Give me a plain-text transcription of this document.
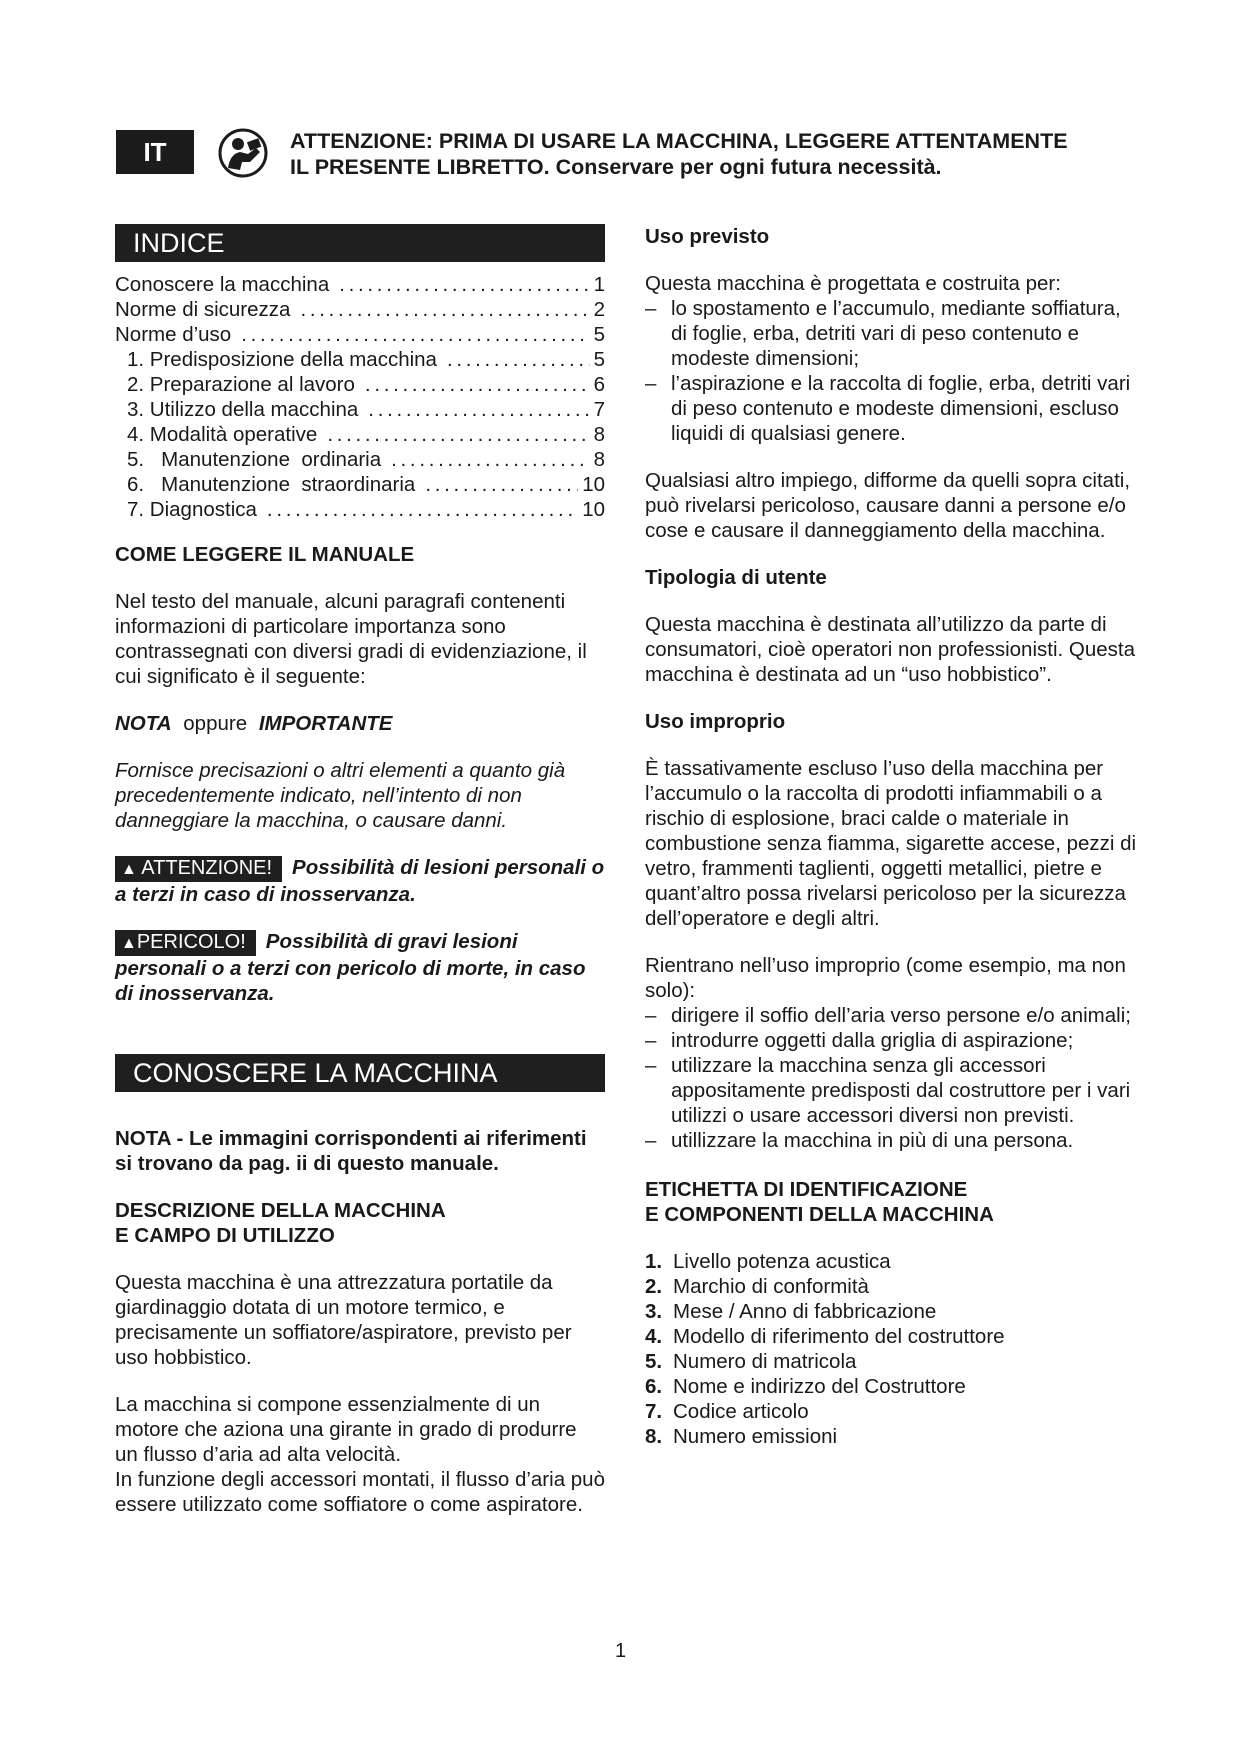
IT	ATTENZIONE: PRIMA DI USARE LA MACCHINA, LEGGERE ATTENTAMENTE
IL PRESENTE LIBRETTO. Conservare per ogni futura necessità.
INDICE
Conoscere la macchina . . .	1
Norme di sicurezza . . .	2
Norme d’uso . . .	5
1. Predisposizione della macchina . . .	5
2. Preparazione al lavoro . . .	6
3. Utilizzo della macchina . . .	7
4. Modalità operative . . .	8
5.   Manutenzione  ordinaria . . .	8
6.   Manutenzione  straordinaria . . .	10
7. Diagnostica . . .	10
COME LEGGERE IL MANUALE

Nel testo del manuale, alcuni paragrafi contenenti informazioni di particolare importanza sono contrassegnati con diversi gradi di evidenziazione, il cui significato è il seguente:

NOTA oppure IMPORTANTE

Fornisce precisazioni o altri elementi a quanto già precedentemente indicato, nell’intento di non danneggiare la macchina, o causare danni.

▲ ATTENZIONE! Possibilità di lesioni personali o a terzi in caso di inosservanza.

▲PERICOLO! Possibilità di gravi lesioni personali o a terzi con pericolo di morte, in caso di inosservanza.

CONOSCERE LA MACCHINA

NOTA - Le immagini corrispondenti ai riferimenti si trovano da pag. ii di questo manuale.

DESCRIZIONE DELLA MACCHINA
E CAMPO DI UTILIZZO

Questa macchina è una attrezzatura portatile da giardinaggio dotata di un motore termico, e precisamente un soffiatore/aspiratore, previsto per uso hobbistico.

La macchina si compone essenzialmente di un motore che aziona una girante in grado di produrre un flusso d’aria ad alta velocità.

In funzione degli accessori montati, il flusso d’aria può essere utilizzato come soffiatore o come aspiratore.

Uso previsto

Questa macchina è progettata e costruita per:

– lo spostamento e l’accumulo, mediante soffiatura, di foglie, erba, detriti vari di peso contenuto e modeste dimensioni;
– l’aspirazione e la raccolta di foglie, erba, detriti vari di peso contenuto e modeste dimensioni, escluso liquidi di qualsiasi genere.

Qualsiasi altro impiego, difforme da quelli sopra citati, può rivelarsi pericoloso, causare danni a persone e/o cose e causare il danneggiamento della macchina.

Tipologia di utente

Questa macchina è destinata all’utilizzo da parte di consumatori, cioè operatori non professionisti. Questa macchina è destinata ad un “uso hobbistico”.

Uso improprio

È tassativamente escluso l’uso della macchina per l’accumulo o la raccolta di prodotti infiammabili o a rischio di esplosione, braci calde o materiale in combustione senza fiamma, sigarette accese, pezzi di vetro, frammenti taglienti, oggetti metallici, pietre e quant’altro possa rivelarsi pericoloso per la sicurezza dell’operatore e degli altri.

Rientrano nell’uso improprio (come esempio, ma non solo):

– dirigere il soffio dell’aria verso persone e/o animali;
– introdurre oggetti dalla griglia di aspirazione;
– utilizzare la macchina senza gli accessori appositamente predisposti dal costruttore per i vari utilizzi o usare accessori diversi non previsti.
– utillizzare la macchina in più di una persona.
ETICHETTA DI IDENTIFICAZIONE
E COMPONENTI DELLA MACCHINA
1. Livello potenza acustica
2. Marchio di conformità
3. Mese / Anno di fabbricazione
4. Modello di riferimento del costruttore
5. Numero di matricola
6. Nome e indirizzo del Costruttore
7. Codice articolo
8. Numero emissioni
1
